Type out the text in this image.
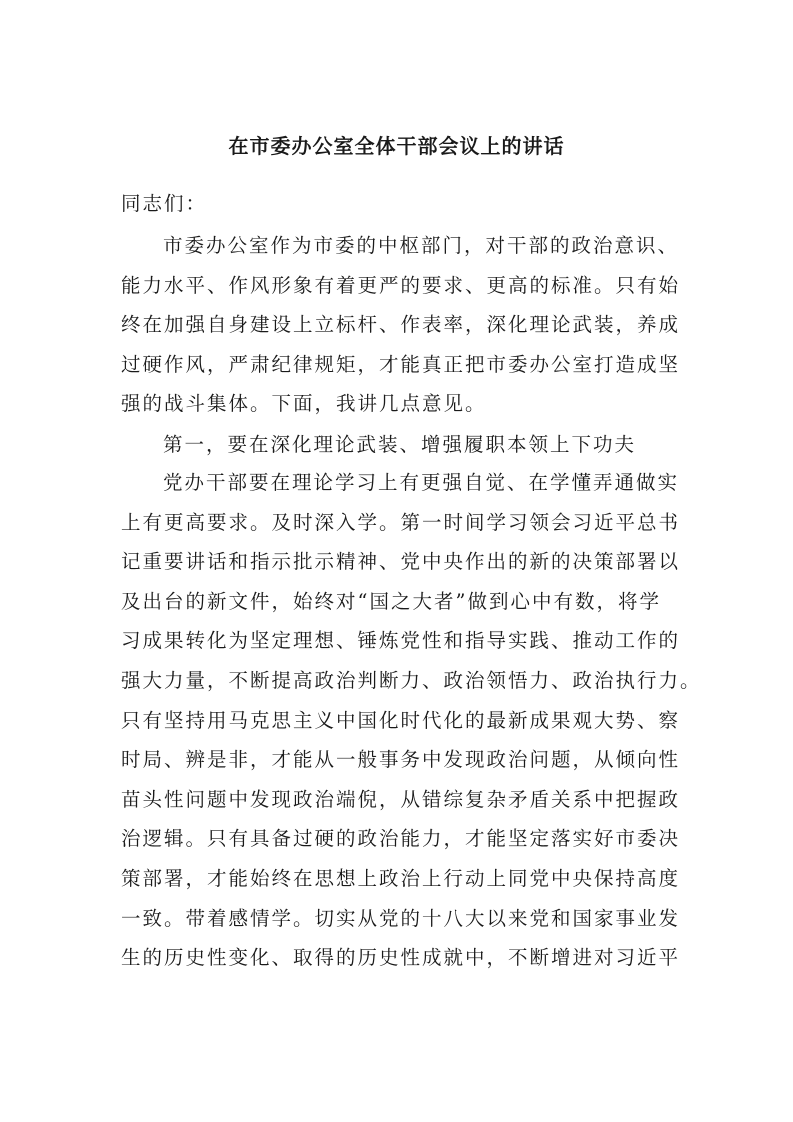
在市委办公室全体干部会议上的讲话

同志们：

市委办公室作为市委的中枢部门，对干部的政治意识、
能力水平、作风形象有着更严的要求、更高的标准。只有始
终在加强自身建设上立标杆、作表率，深化理论武装，养成
过硬作风，严肃纪律规矩，才能真正把市委办公室打造成坚
强的战斗集体。下面，我讲几点意见。
第一，要在深化理论武装、增强履职本领上下功夫
党办干部要在理论学习上有更强自觉、在学懂弄通做实
上有更高要求。及时深入学。第一时间学习领会习近平总书
记重要讲话和指示批示精神、党中央作出的新的决策部署以
及出台的新文件，始终对“国之大者”做到心中有数，将学
习成果转化为坚定理想、锤炼党性和指导实践、推动工作的
强大力量，不断提高政治判断力、政治领悟力、政治执行力。
只有坚持用马克思主义中国化时代化的最新成果观大势、察
时局、辨是非，才能从一般事务中发现政治问题，从倾向性
苗头性问题中发现政治端倪，从错综复杂矛盾关系中把握政
治逻辑。只有具备过硬的政治能力，才能坚定落实好市委决
策部署，才能始终在思想上政治上行动上同党中央保持高度
一致。带着感情学。切实从党的十八大以来党和国家事业发
生的历史性变化、取得的历史性成就中，不断增进对习近平
